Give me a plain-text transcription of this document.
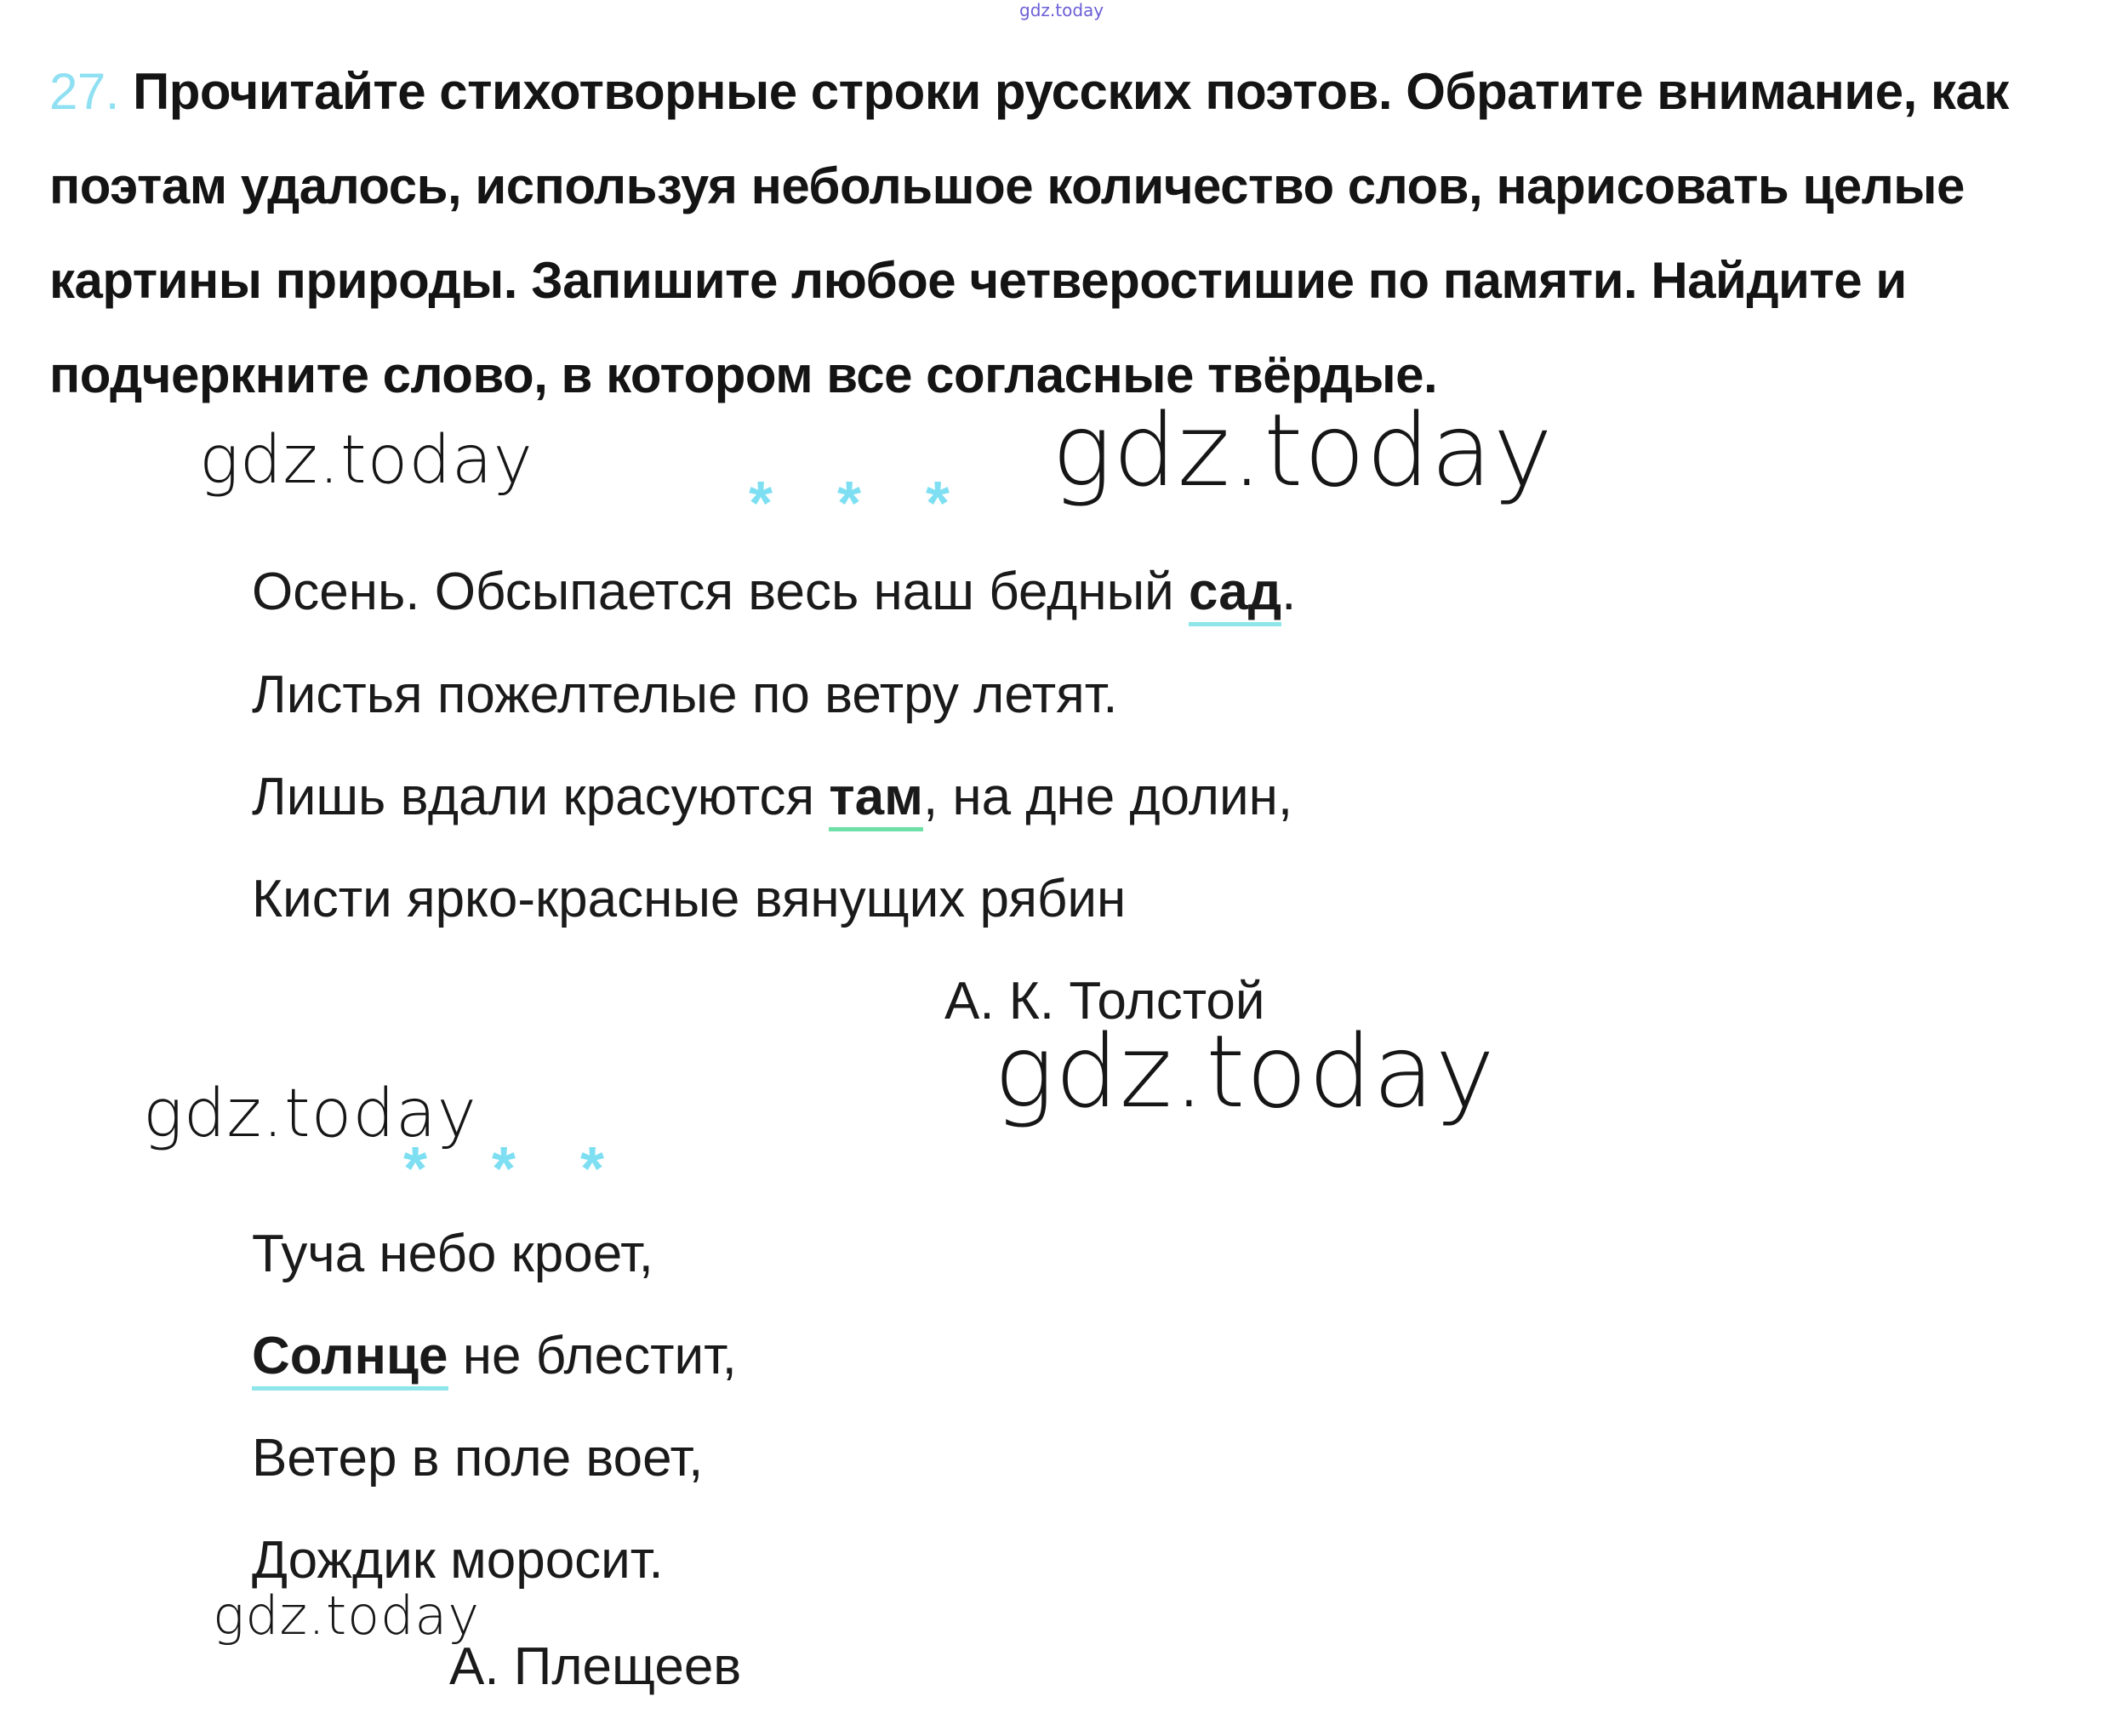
gdz.today
27. Прочитайте стихотворные строки русских поэтов. Обратите внимание, как поэтам удалось, используя небольшое количество слов, нарисовать целые картины природы. Запишите любое четверостишие по памяти. Найдите и подчеркните слово, в котором все согласные твёрдые.
* * *
Осень. Обсыпается весь наш бедный сад.
Листья пожелтелые по ветру летят.
Лишь вдали красуются там, на дне долин,
Кисти ярко-красные вянущих рябин
А. К. Толстой
* * *
Туча небо кроет,
Солнце не блестит,
Ветер в поле воет,
Дождик моросит.
А. Плещеев
gdz.today	gdz.today
gdz.today
gdz.today
gdz.today
